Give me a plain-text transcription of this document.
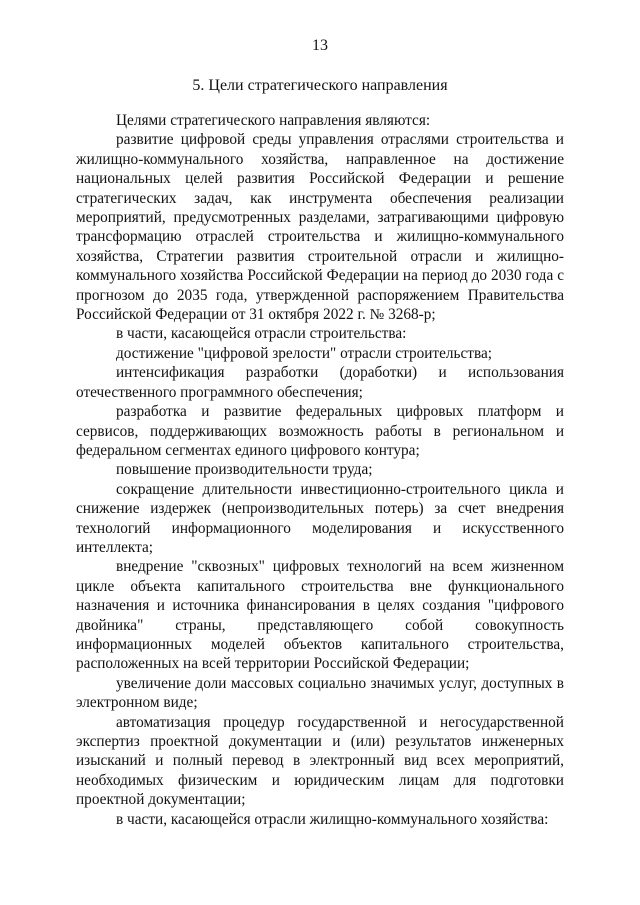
13
5. Цели стратегического направления

Целями стратегического направления являются:

развитие цифровой среды управления отраслями строительства и жилищно-коммунального хозяйства, направленное на достижение национальных целей развития Российской Федерации и решение стратегических задач, как инструмента обеспечения реализации мероприятий, предусмотренных разделами, затрагивающими цифровую трансформацию отраслей строительства и жилищно-коммунального хозяйства, Стратегии развития строительной отрасли и жилищно-коммунального хозяйства Российской Федерации на период до 2030 года с прогнозом до 2035 года, утвержденной распоряжением Правительства Российской Федерации от 31 октября 2022 г. № 3268-р;

в части, касающейся отрасли строительства:

достижение "цифровой зрелости" отрасли строительства;

интенсификация разработки (доработки) и использования отечественного программного обеспечения;

разработка и развитие федеральных цифровых платформ и сервисов, поддерживающих возможность работы в региональном и федеральном сегментах единого цифрового контура;

повышение производительности труда;

сокращение длительности инвестиционно-строительного цикла и снижение издержек (непроизводительных потерь) за счет внедрения технологий информационного моделирования и искусственного интеллекта;

внедрение "сквозных" цифровых технологий на всем жизненном цикле объекта капитального строительства вне функционального назначения и источника финансирования в целях создания "цифрового двойника" страны, представляющего собой совокупность информационных моделей объектов капитального строительства, расположенных на всей территории Российской Федерации;

увеличение доли массовых социально значимых услуг, доступных в электронном виде;

автоматизация процедур государственной и негосударственной экспертиз проектной документации и (или) результатов инженерных изысканий и полный перевод в электронный вид всех мероприятий, необходимых физическим и юридическим лицам для подготовки проектной документации;

в части, касающейся отрасли жилищно-коммунального хозяйства:
